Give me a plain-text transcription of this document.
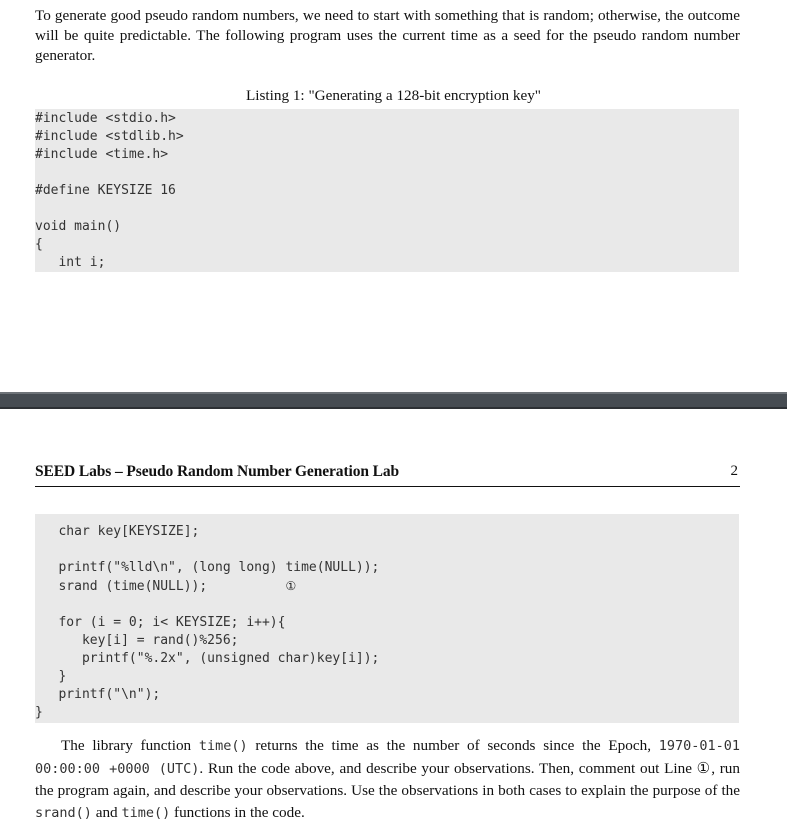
To generate good pseudo random numbers, we need to start with something that is random; otherwise, the outcome will be quite predictable. The following program uses the current time as a seed for the pseudo random number generator.

Listing 1: "Generating a 128-bit encryption key"
#include <stdio.h>
#include <stdlib.h>
#include <time.h>

#define KEYSIZE 16

void main()
{
int i;
SEED Labs – Pseudo Random Number Generation Lab	2
char key[KEYSIZE];

printf("%lld\n", (long long) time(NULL));
srand (time(NULL));	①

for (i = 0; i< KEYSIZE; i++){
key[i] = rand()%256;
printf("%.2x", (unsigned char)key[i]);
}
printf("\n");
}

The library function time() returns the time as the number of seconds since the Epoch, 1970-01-01 00:00:00 +0000 (UTC). Run the code above, and describe your observations. Then, comment out Line ①, run the program again, and describe your observations. Use the observations in both cases to explain the purpose of the srand() and time() functions in the code.
